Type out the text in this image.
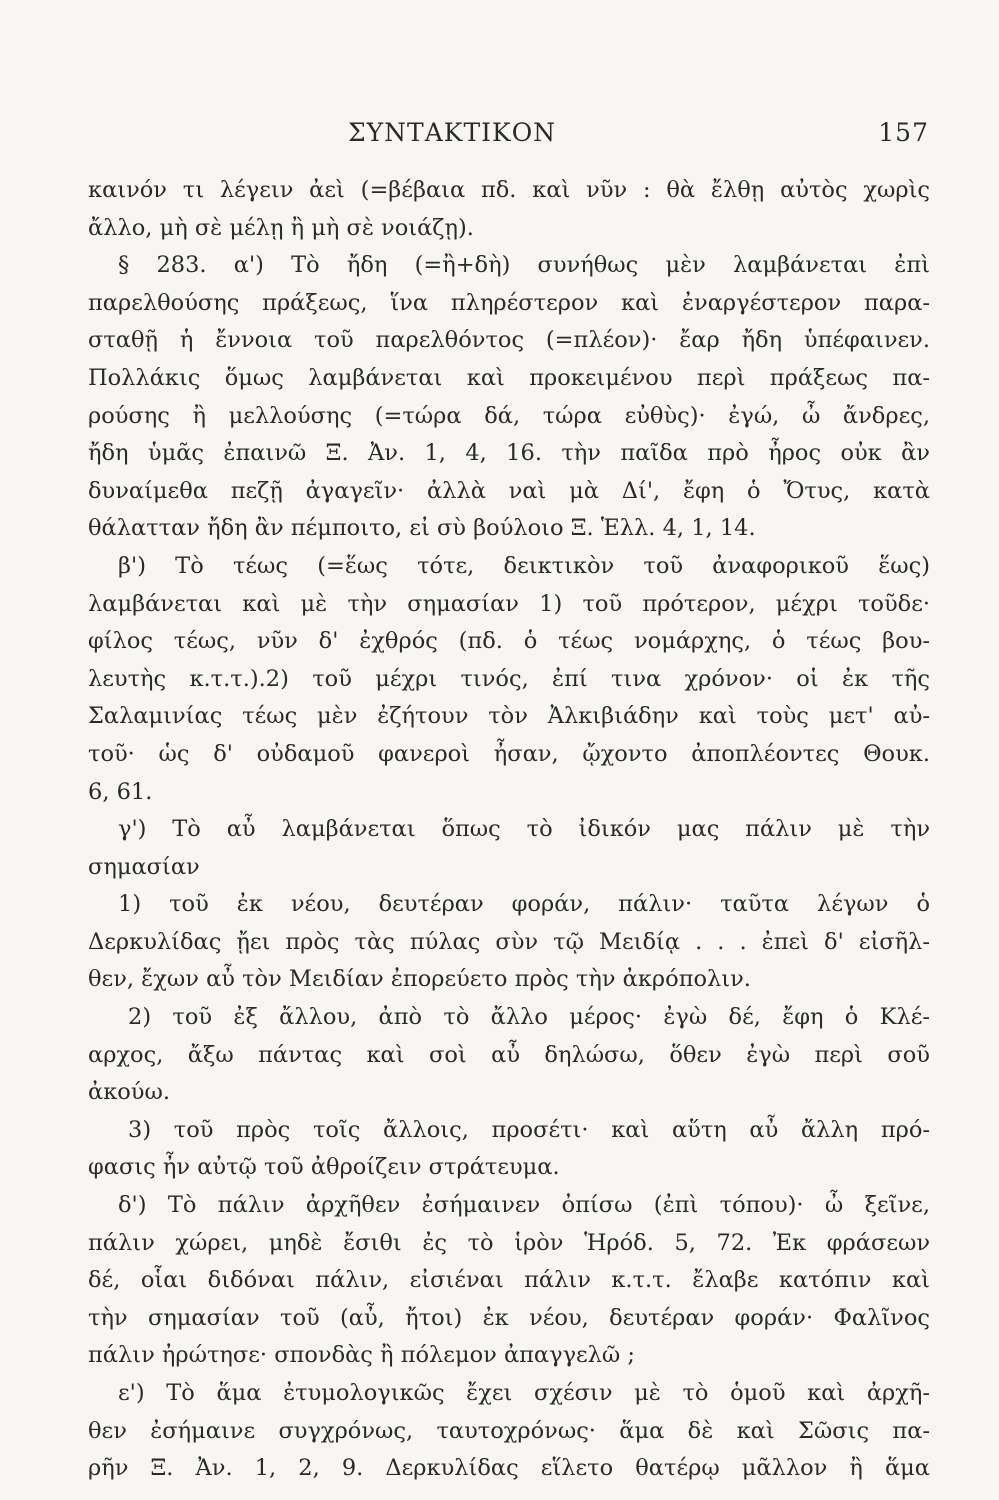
ΣΥΝΤΑΚΤΙΚΟΝ	157
καινόν τι λέγειν ἀεὶ (=βέβαια πδ. καὶ νῦν : θὰ ἔλθῃ αὐτὸς χωρὶς
ἄλλο, μὴ σὲ μέλῃ ἢ μὴ σὲ νοιάζῃ).
§ 283. α') Τὸ ἤδη (=ἢ+δὴ) συνήθως μὲν λαμβάνεται ἐπὶ
παρελθούσης πράξεως, ἵνα πληρέστερον καὶ ἐναργέστερον παρα-
σταθῇ ἡ ἔννοια τοῦ παρελθόντος (=πλέον)· ἔαρ ἤδη ὑπέφαινεν.
Πολλάκις ὅμως λαμβάνεται καὶ προκειμένου περὶ πράξεως πα-
ρούσης ἢ μελλούσης (=τώρα δά, τώρα εὐθὺς)· ἐγώ, ὦ ἄνδρες,
ἤδη ὑμᾶς ἐπαινῶ Ξ. Ἀν. 1, 4, 16. τὴν παῖδα πρὸ ἦρος οὐκ ἂν
δυναίμεθα πεζῇ ἀγαγεῖν· ἀλλὰ ναὶ μὰ Δί', ἔφη ὁ Ὄτυς, κατὰ
θάλατταν ἤδη ἂν πέμποιτο, εἰ σὺ βούλοιο Ξ. Ἑλλ. 4, 1, 14.
β') Τὸ τέως (=ἕως τότε, δεικτικὸν τοῦ ἀναφορικοῦ ἕως)
λαμβάνεται καὶ μὲ τὴν σημασίαν 1) τοῦ πρότερον, μέχρι τοῦδε·
φίλος τέως, νῦν δ' ἐχθρός (πδ. ὁ τέως νομάρχης, ὁ τέως βου-
λευτὴς κ.τ.τ.).2) τοῦ μέχρι τινός, ἐπί τινα χρόνον· οἱ ἐκ τῆς
Σαλαμινίας τέως μὲν ἐζήτουν τὸν Ἀλκιβιάδην καὶ τοὺς μετ' αὐ-
τοῦ· ὡς δ' οὐδαμοῦ φανεροὶ ἦσαν, ᾤχοντο ἀποπλέοντες Θουκ.
6, 61.
γ') Τὸ αὖ λαμβάνεται ὅπως τὸ ἰδικόν μας πάλιν μὲ τὴν
σημασίαν
1) τοῦ ἐκ νέου, δευτέραν φοράν, πάλιν· ταῦτα λέγων ὁ
Δερκυλίδας ᾔει πρὸς τὰς πύλας σὺν τῷ Μειδίᾳ . . . ἐπεὶ δ' εἰσῆλ-
θεν, ἔχων αὖ τὸν Μειδίαν ἐπορεύετο πρὸς τὴν ἀκρόπολιν.
2) τοῦ ἐξ ἄλλου, ἀπὸ τὸ ἄλλο μέρος· ἐγὼ δέ, ἔφη ὁ Κλέ-
αρχος, ἄξω πάντας καὶ σοὶ αὖ δηλώσω, ὅθεν ἐγὼ περὶ σοῦ
ἀκούω.
3) τοῦ πρὸς τοῖς ἄλλοις, προσέτι· καὶ αὕτη αὖ ἄλλη πρό-
φασις ἦν αὐτῷ τοῦ ἀθροίζειν στράτευμα.
δ') Τὸ πάλιν ἀρχῆθεν ἐσήμαινεν ὀπίσω (ἐπὶ τόπου)· ὦ ξεῖνε,
πάλιν χώρει, μηδὲ ἔσιθι ἐς τὸ ἱρὸν Ἡρόδ. 5, 72. Ἐκ φράσεων
δέ, οἷαι διδόναι πάλιν, εἰσιέναι πάλιν κ.τ.τ. ἔλαβε κατόπιν καὶ
τὴν σημασίαν τοῦ (αὖ, ἤτοι) ἐκ νέου, δευτέραν φοράν· Φαλῖνος
πάλιν ἠρώτησε· σπονδὰς ἢ πόλεμον ἀπαγγελῶ ;
ε') Τὸ ἅμα ἐτυμολογικῶς ἔχει σχέσιν μὲ τὸ ὁμοῦ καὶ ἀρχῆ-
θεν ἐσήμαινε συγχρόνως, ταυτοχρόνως· ἅμα δὲ καὶ Σῶσις πα-
ρῆν Ξ. Ἀν. 1, 2, 9. Δερκυλίδας εἵλετο θατέρῳ μᾶλλον ἢ ἅμα
